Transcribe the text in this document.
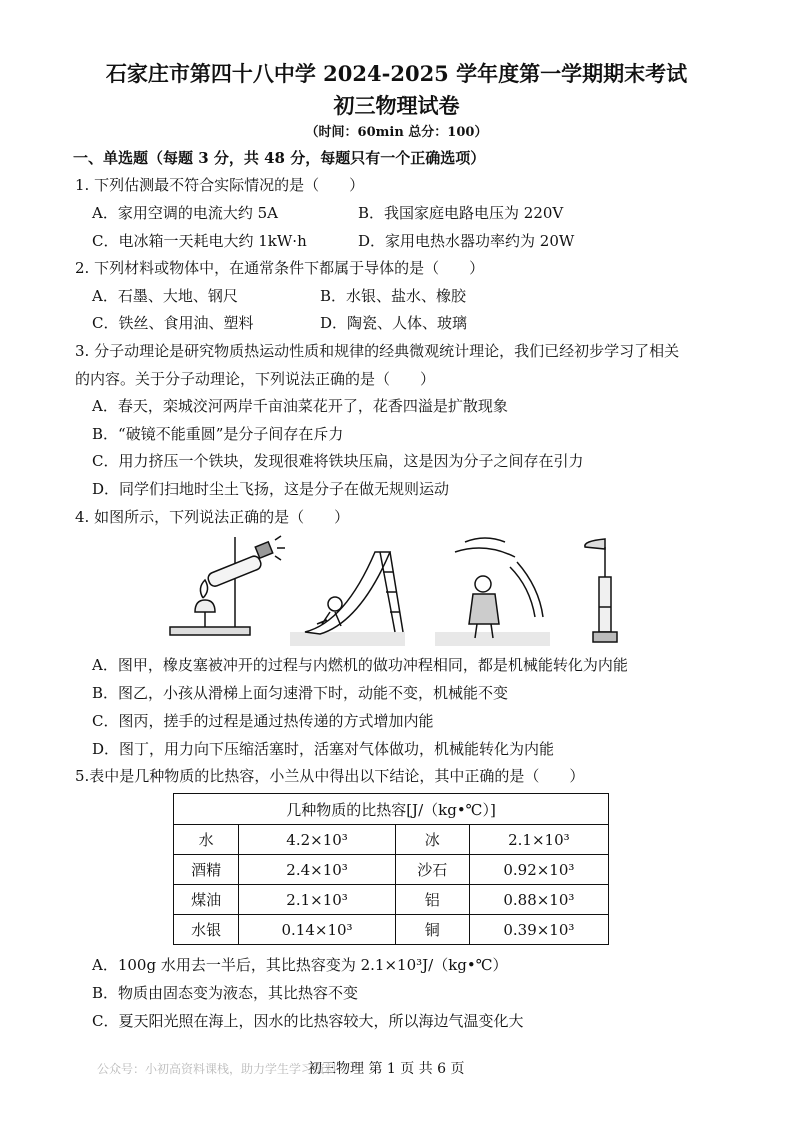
石家庄市第四十八中学 2024-2025 学年度第一学期期末考试
初三物理试卷
（时间：60min 总分：100）
一、单选题（每题 3 分，共 48 分，每题只有一个正确选项）
1. 下列估测最不符合实际情况的是（　　）
A．家用空调的电流大约 5A	B．我国家庭电路电压为 220V
C．电冰箱一天耗电大约 1kW·h	D．家用电热水器功率约为 20W
2. 下列材料或物体中，在通常条件下都属于导体的是（　　）
A．石墨、大地、钢尺	B．水银、盐水、橡胶
C．铁丝、食用油、塑料	D．陶瓷、人体、玻璃
3. 分子动理论是研究物质热运动性质和规律的经典微观统计理论，我们已经初步学习了相关
的内容。关于分子动理论，下列说法正确的是（　　）
A．春天，栾城洨河两岸千亩油菜花开了，花香四溢是扩散现象
B．“破镜不能重圆”是分子间存在斥力
C．用力挤压一个铁块，发现很难将铁块压扁，这是因为分子之间存在引力
D．同学们扫地时尘土飞扬，这是分子在做无规则运动
4. 如图所示，下列说法正确的是（　　）
A．图甲，橡皮塞被冲开的过程与内燃机的做功冲程相同，都是机械能转化为内能
B．图乙，小孩从滑梯上面匀速滑下时，动能不变，机械能不变
C．图丙，搓手的过程是通过热传递的方式增加内能
D．图丁，用力向下压缩活塞时，活塞对气体做功，机械能转化为内能
5.表中是几种物质的比热容，小兰从中得出以下结论，其中正确的是（　　）
几种物质的比热容[J/（kg•℃）]			
水	4.2×10³	冰	2.1×10³
酒精	2.4×10³	沙石	0.92×10³
煤油	2.1×10³	铝	0.88×10³
水银	0.14×10³	铜	0.39×10³
A．100g 水用去一半后，其比热容变为 2.1×10³J/（kg•℃）
B．物质由固态变为液态，其比热容不变
C．夏天阳光照在海上，因水的比热容较大，所以海边气温变化大
公众号：小初高资料课栈，助力学生学习资料
初三物理 第 1 页 共 6 页
